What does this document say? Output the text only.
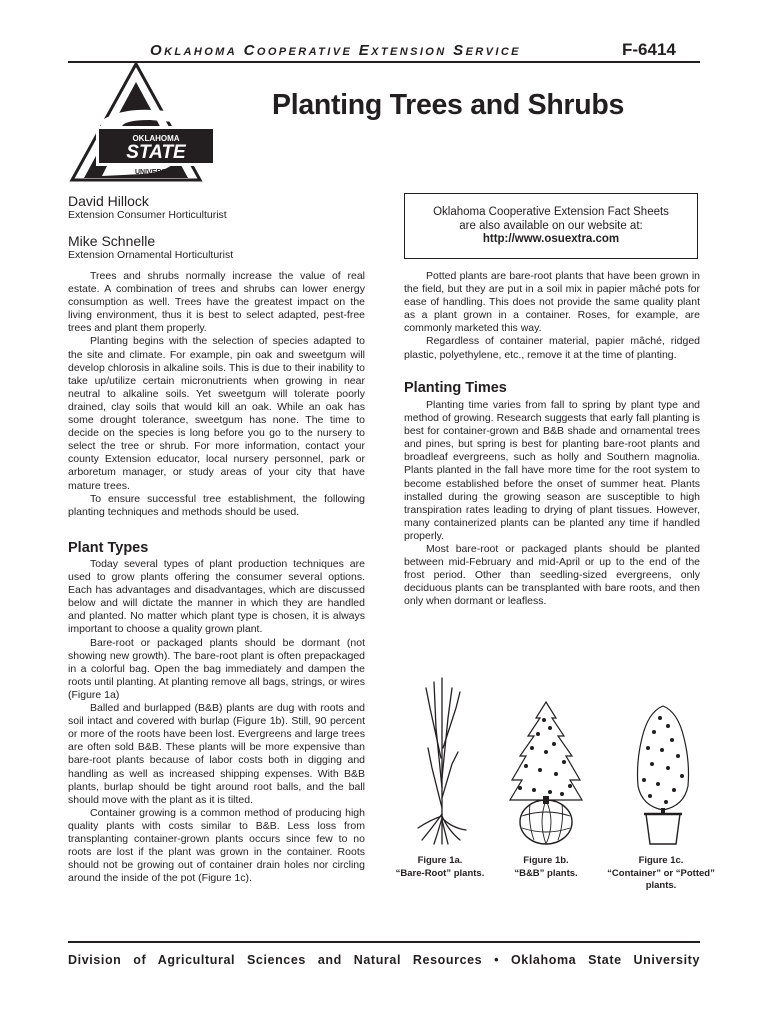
Oklahoma Cooperative Extension Service	F-6414
OKLAHOMA
STATE
UNIVERSITY
Planting Trees and Shrubs
David Hillock
Extension Consumer Horticulturist
Mike Schnelle
Extension Ornamental Horticulturist

Trees and shrubs normally increase the value of real estate. A combination of trees and shrubs can lower energy consumption as well. Trees have the greatest impact on the living environment, thus it is best to select adapted, pest-free trees and plant them properly.

Planting begins with the selection of species adapted to the site and climate. For example, pin oak and sweetgum will develop chlorosis in alkaline soils. This is due to their inability to take up/utilize certain micronutrients when growing in near neutral to alkaline soils. Yet sweetgum will tolerate poorly drained, clay soils that would kill an oak. While an oak has some drought tolerance, sweetgum has none. The time to decide on the species is long before you go to the nursery to select the tree or shrub. For more information, contact your county Extension educator, local nursery personnel, park or arboretum manager, or study areas of your city that have mature trees.

To ensure successful tree establishment, the following planting techniques and methods should be used.

Plant Types

Today several types of plant production techniques are used to grow plants offering the consumer several options. Each has advantages and disadvantages, which are discussed below and will dictate the manner in which they are handled and planted. No matter which plant type is chosen, it is always important to choose a quality grown plant.

Bare-root or packaged plants should be dormant (not showing new growth). The bare-root plant is often prepackaged in a colorful bag. Open the bag immediately and dampen the roots until planting. At planting remove all bags, strings, or wires (Figure 1a)

Balled and burlapped (B&B) plants are dug with roots and soil intact and covered with burlap (Figure 1b). Still, 90 percent or more of the roots have been lost. Evergreens and large trees are often sold B&B. These plants will be more expensive than bare-root plants because of labor costs both in digging and handling as well as increased shipping expenses. With B&B plants, burlap should be tight around root balls, and the ball should move with the plant as it is tilted.

Container growing is a common method of producing high quality plants with costs similar to B&B. Less loss from transplanting container-grown plants occurs since few to no roots are lost if the plant was grown in the container. Roots should not be growing out of container drain holes nor circling around the inside of the pot (Figure 1c).

Oklahoma Cooperative Extension Fact Sheets
are also available on our website at:
http://www.osuextra.com

Potted plants are bare-root plants that have been grown in the field, but they are put in a soil mix in papier mâché pots for ease of handling. This does not provide the same quality plant as a plant grown in a container. Roses, for example, are commonly marketed this way.

Regardless of container material, papier mâché, ridged plastic, polyethylene, etc., remove it at the time of planting.

Planting Times

Planting time varies from fall to spring by plant type and method of growing. Research suggests that early fall planting is best for container-grown and B&B shade and ornamental trees and pines, but spring is best for planting bare-root plants and broadleaf evergreens, such as holly and Southern magnolia. Plants planted in the fall have more time for the root system to become established before the onset of summer heat. Plants installed during the growing season are susceptible to high transpiration rates leading to drying of plant tissues. However, many containerized plants can be planted any time if handled properly.

Most bare-root or packaged plants should be planted between mid-February and mid-April or up to the end of the frost period. Other than seedling-sized evergreens, only deciduous plants can be transplanted with bare roots, and then only when dormant or leafless.

Figure 1a.
“Bare-Root” plants.
Figure 1b.
“B&B” plants.
Figure 1c.
“Container” or “Potted” plants.
Division of Agricultural Sciences and Natural Resources • Oklahoma State University
